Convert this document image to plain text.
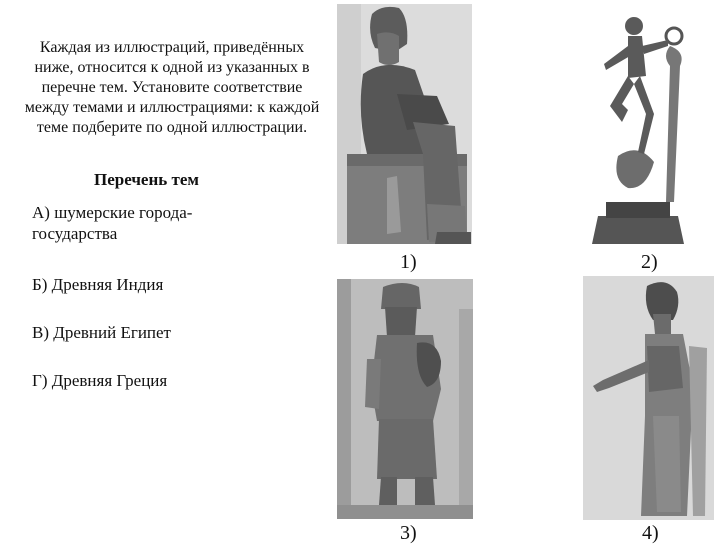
Каждая из иллюстраций, приведённых
ниже, относится к одной из указанных в
перечне тем. Установите соответствие
между темами и иллюстрациями: к каждой
теме подберите по одной иллюстрации.
Перечень тем
А) шумерские города-
государства
Б) Древняя Индия
В) Древний Египет
Г) Древняя Греция
1)	2)
3)	4)
